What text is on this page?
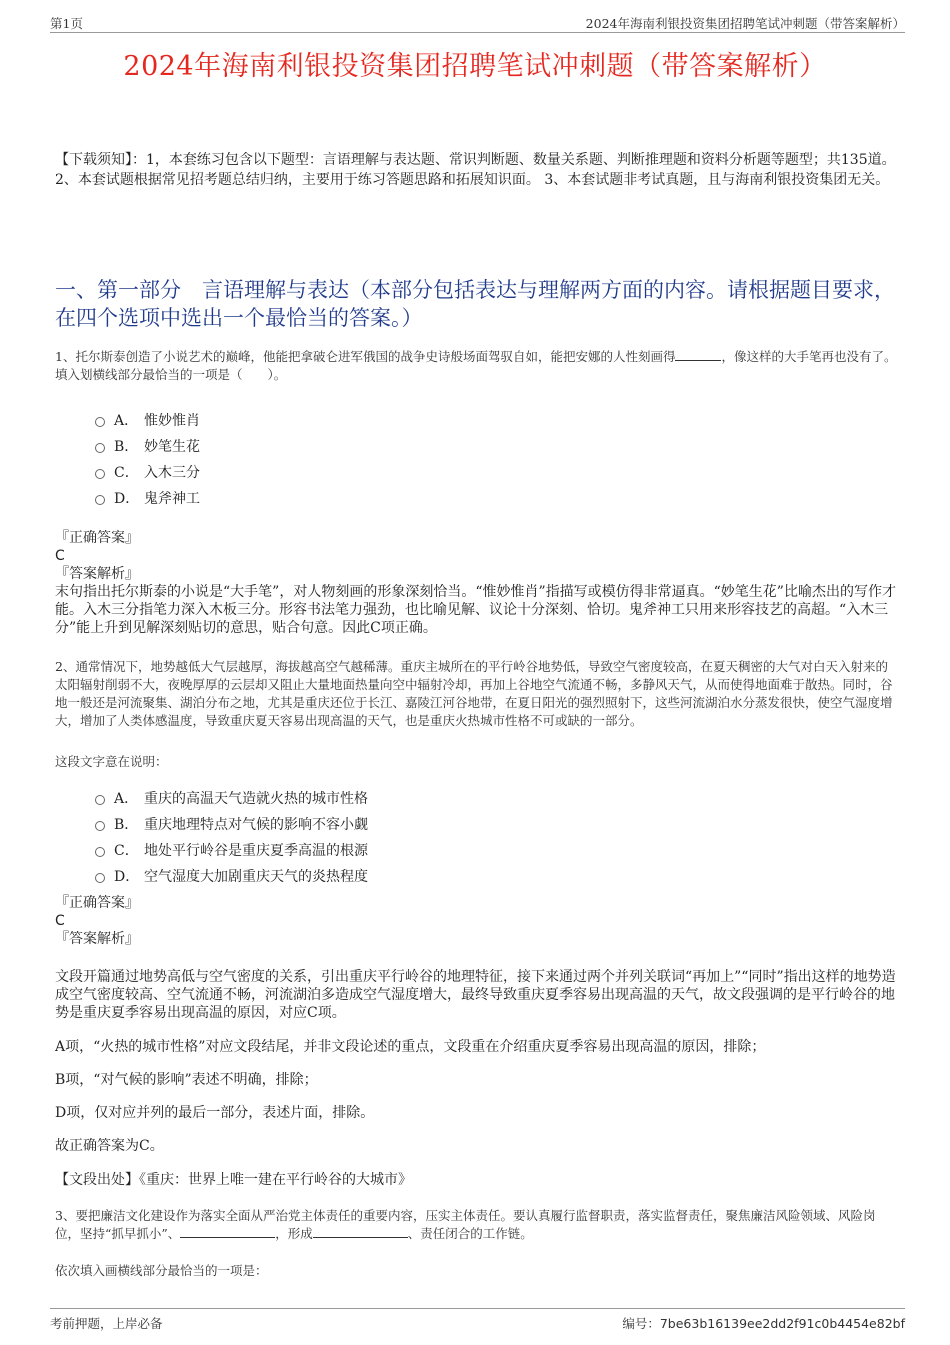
第1页	2024年海南利银投资集团招聘笔试冲刺题（带答案解析）
2024年海南利银投资集团招聘笔试冲刺题（带答案解析）
【下载须知】：1，本套练习包含以下题型：言语理解与表达题、常识判断题、数量关系题、判断推理题和资料分析题等题型；共135道。 2、本套试题根据常见招考题总结归纳，主要用于练习答题思路和拓展知识面。 3、本套试题非考试真题，且与海南利银投资集团无关。
一、第一部分　言语理解与表达（本部分包括表达与理解两方面的内容。请根据题目要求，在四个选项中选出一个最恰当的答案。）

1、托尔斯泰创造了小说艺术的巅峰，他能把拿破仑进军俄国的战争史诗般场面驾驭自如，能把安娜的人性刻画得	，像这样的大手笔再也没有了。

填入划横线部分最恰当的一项是（　　）。

A． 惟妙惟肖
B． 妙笔生花
C． 入木三分
D． 鬼斧神工

『正确答案』

C

『答案解析』

末句指出托尔斯泰的小说是“大手笔”，对人物刻画的形象深刻恰当。“惟妙惟肖”指描写或模仿得非常逼真。“妙笔生花”比喻杰出的写作才能。入木三分指笔力深入木板三分。形容书法笔力强劲，也比喻见解、议论十分深刻、恰切。鬼斧神工只用来形容技艺的高超。“入木三分”能上升到见解深刻贴切的意思，贴合句意。因此C项正确。

2、通常情况下，地势越低大气层越厚，海拔越高空气越稀薄。重庆主城所在的平行岭谷地势低，导致空气密度较高，在夏天稠密的大气对白天入射来的太阳辐射削弱不大，夜晚厚厚的云层却又阻止大量地面热量向空中辐射冷却，再加上谷地空气流通不畅，多静风天气，从而使得地面难于散热。同时，谷地一般还是河流聚集、湖泊分布之地，尤其是重庆还位于长江、嘉陵江河谷地带，在夏日阳光的强烈照射下，这些河流湖泊水分蒸发很快，使空气湿度增大，增加了人类体感温度，导致重庆夏天容易出现高温的天气，也是重庆火热城市性格不可或缺的一部分。

这段文字意在说明：

A． 重庆的高温天气造就火热的城市性格
B． 重庆地理特点对气候的影响不容小觑
C． 地处平行岭谷是重庆夏季高温的根源
D． 空气湿度大加剧重庆天气的炎热程度

『正确答案』

C

『答案解析』

文段开篇通过地势高低与空气密度的关系，引出重庆平行岭谷的地理特征，接下来通过两个并列关联词“再加上”“同时”指出这样的地势造成空气密度较高、空气流通不畅，河流湖泊多造成空气湿度增大，最终导致重庆夏季容易出现高温的天气，故文段强调的是平行岭谷的地势是重庆夏季容易出现高温的原因，对应C项。

A项，“火热的城市性格”对应文段结尾，并非文段论述的重点，文段重在介绍重庆夏季容易出现高温的原因，排除；

B项，“对气候的影响”表述不明确，排除；

D项，仅对应并列的最后一部分，表述片面，排除。

故正确答案为C。

【文段出处】《重庆：世界上唯一建在平行岭谷的大城市》

3、要把廉洁文化建设作为落实全面从严治党主体责任的重要内容，压实主体责任。要认真履行监督职责，落实监督责任，聚焦廉洁风险领域、风险岗位，坚持“抓早抓小”、	，形成	、责任闭合的工作链。

依次填入画横线部分最恰当的一项是：

考前押题，上岸必备	编号：7be63b16139ee2dd2f91c0b4454e82bf
